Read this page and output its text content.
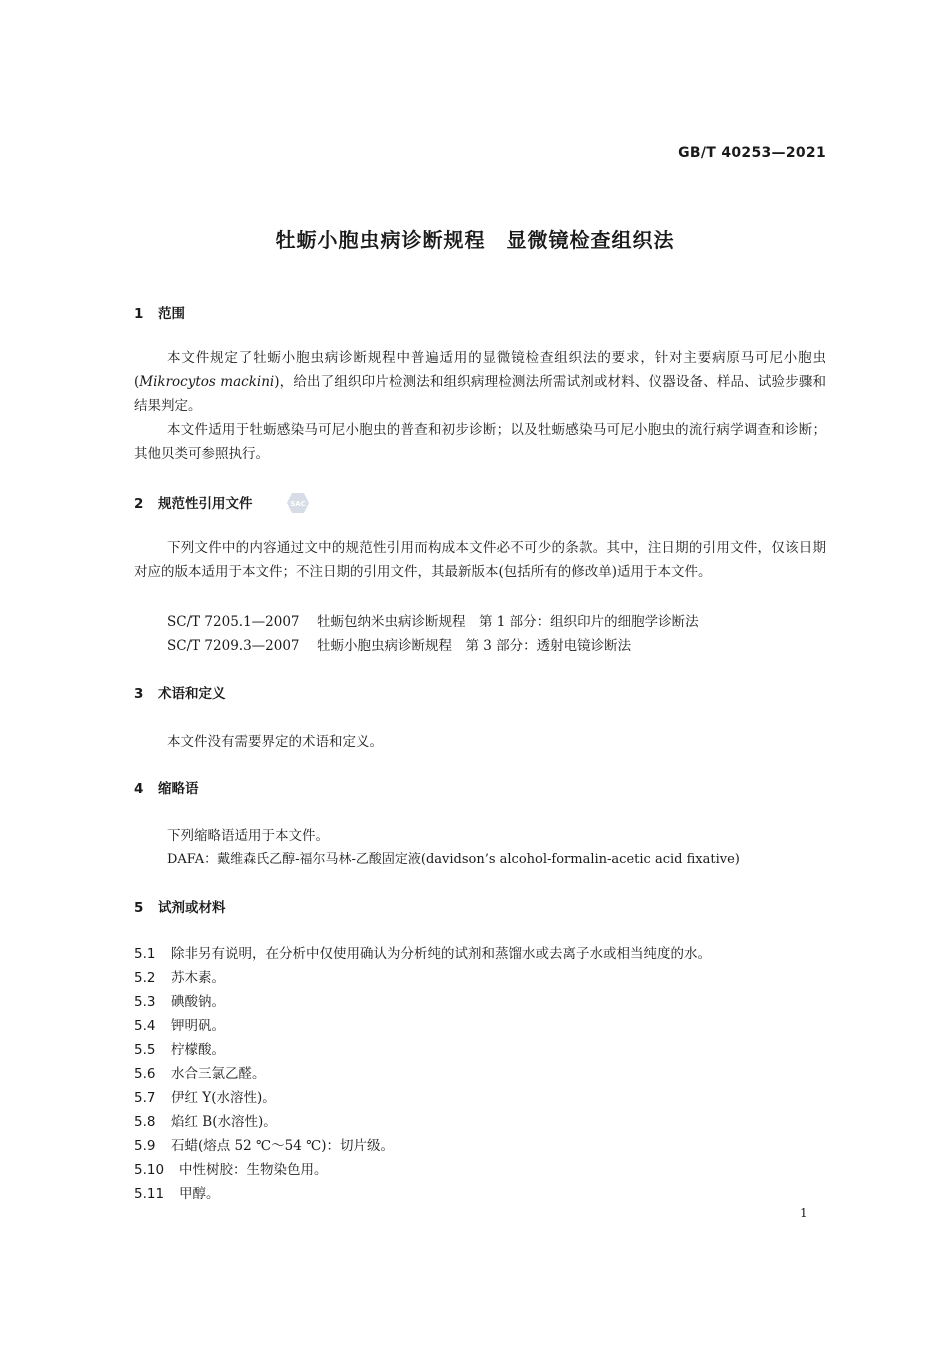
GB/T 40253—2021
牡蛎小胞虫病诊断规程　显微镜检查组织法
1 范围
本文件规定了牡蛎小胞虫病诊断规程中普遍适用的显微镜检查组织法的要求，针对主要病原马可尼小胞虫(Mikrocytos mackini)，给出了组织印片检测法和组织病理检测法所需试剂或材料、仪器设备、样品、试验步骤和结果判定。
本文件适用于牡蛎感染马可尼小胞虫的普查和初步诊断；以及牡蛎感染马可尼小胞虫的流行病学调查和诊断；其他贝类可参照执行。
2 规范性引用文件	SAC
下列文件中的内容通过文中的规范性引用而构成本文件必不可少的条款。其中，注日期的引用文件，仅该日期对应的版本适用于本文件；不注日期的引用文件，其最新版本(包括所有的修改单)适用于本文件。
SC/T 7205.1—2007 牡蛎包纳米虫病诊断规程　第 1 部分：组织印片的细胞学诊断法
SC/T 7209.3—2007 牡蛎小胞虫病诊断规程　第 3 部分：透射电镜诊断法
3 术语和定义
本文件没有需要界定的术语和定义。
4 缩略语
下列缩略语适用于本文件。
DAFA：戴维森氏乙醇-福尔马林-乙酸固定液(davidson’s alcohol-formalin-acetic acid fixative)
5 试剂或材料
5.1 除非另有说明，在分析中仅使用确认为分析纯的试剂和蒸馏水或去离子水或相当纯度的水。
5.2 苏木素。
5.3 碘酸钠。
5.4 钾明矾。
5.5 柠檬酸。
5.6 水合三氯乙醛。
5.7 伊红 Y(水溶性)。
5.8 焰红 B(水溶性)。
5.9 石蜡(熔点 52 ℃～54 ℃)：切片级。
5.10 中性树胶：生物染色用。
5.11 甲醇。
1
